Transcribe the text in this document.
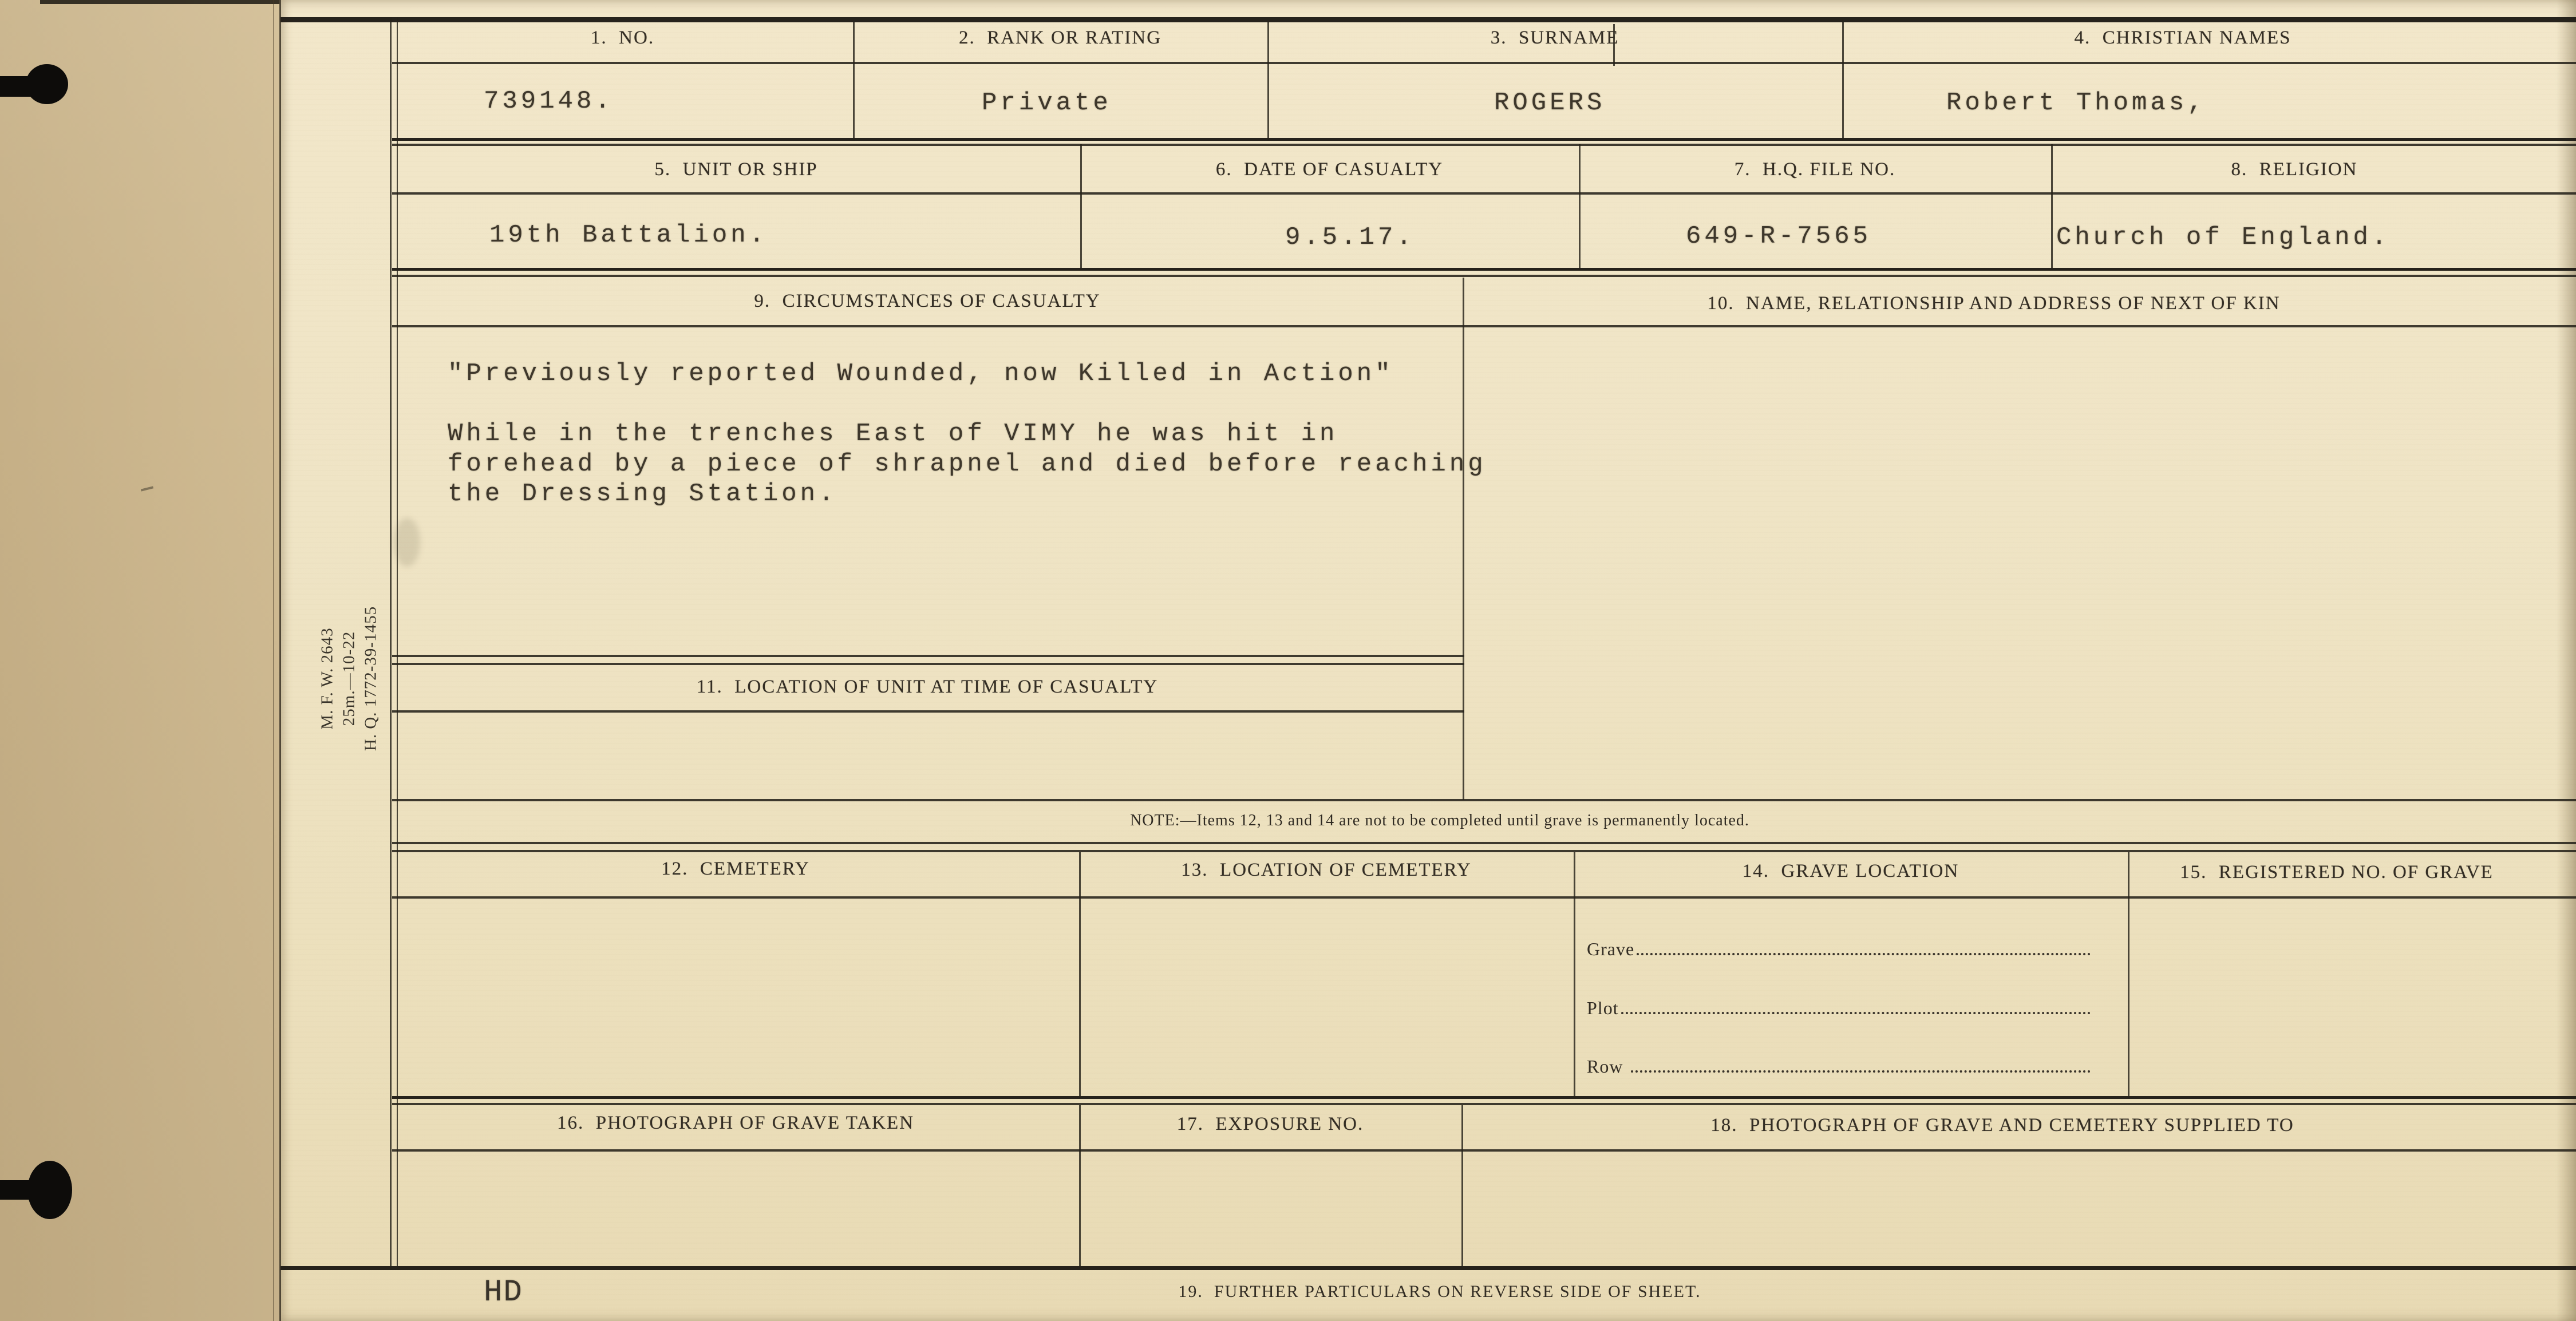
M. F. W. 2643 25m.—10-22 H. Q. 1772-39-1455
1.  NO.	2.  RANK OR RATING	3.  SURNAME	4.  CHRISTIAN NAMES
739148.	Private	ROGERS	Robert Thomas,
5.  UNIT OR SHIP	6.  DATE OF CASUALTY	7.  H.Q. FILE NO.	8.  RELIGION
19th Battalion.	9.5.17.	649-R-7565	Church of England.
9.  CIRCUMSTANCES OF CASUALTY	10.  NAME, RELATIONSHIP AND ADDRESS OF NEXT OF KIN
"Previously reported Wounded, now Killed in Action"
While in the trenches East of VIMY he was hit in
forehead by a piece of shrapnel and died before reaching
the Dressing Station.
11.  LOCATION OF UNIT AT TIME OF CASUALTY
NOTE:—Items 12, 13 and 14 are not to be completed until grave is permanently located.
12.  CEMETERY	13.  LOCATION OF CEMETERY	14.  GRAVE LOCATION	15.  REGISTERED NO. OF GRAVE
Grave
Plot
Row
16.  PHOTOGRAPH OF GRAVE TAKEN	17.  EXPOSURE NO.	18.  PHOTOGRAPH OF GRAVE AND CEMETERY SUPPLIED TO
HD	19.  FURTHER PARTICULARS ON REVERSE SIDE OF SHEET.
